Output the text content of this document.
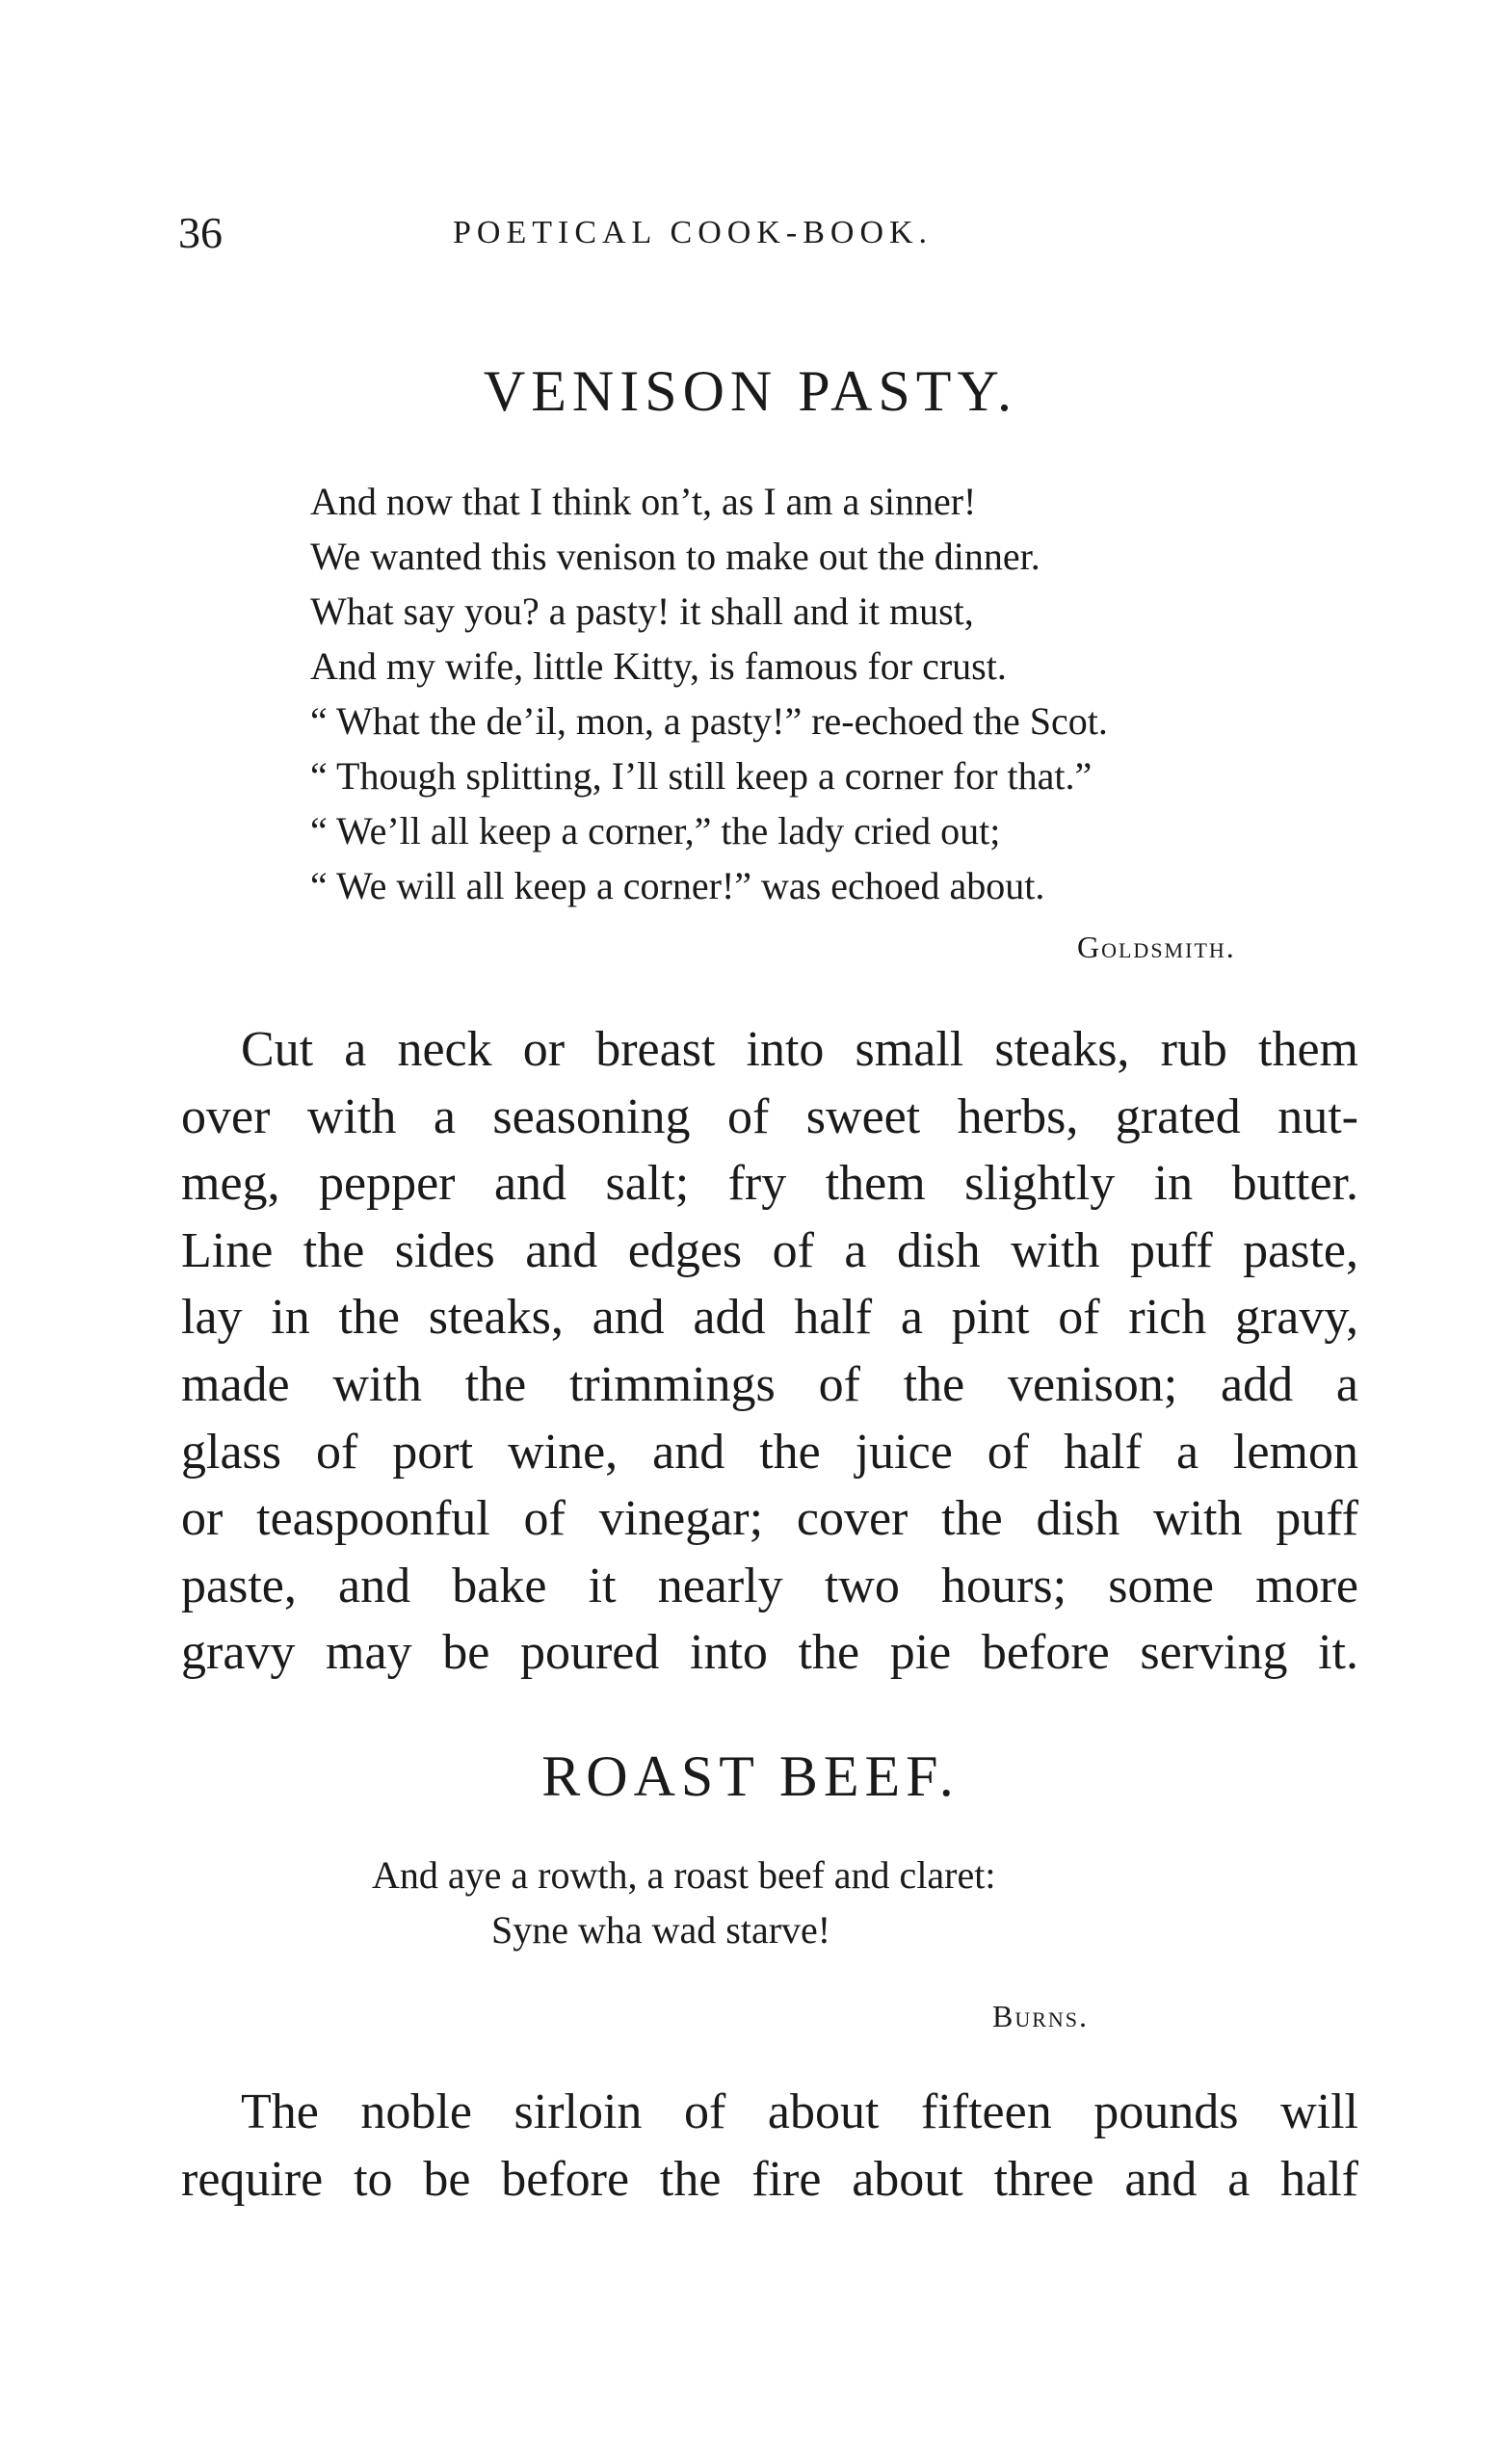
36	POETICAL COOK-BOOK.
VENISON PASTY.
And now that I think on’t, as I am a sinner!
We wanted this venison to make out the dinner.
What say you? a pasty! it shall and it must,
And my wife, little Kitty, is famous for crust.
“ What the de’il, mon, a pasty!” re-echoed the Scot.
“ Though splitting, I’ll still keep a corner for that.”
“ We’ll all keep a corner,” the lady cried out;
“ We will all keep a corner!” was echoed about.
Goldsmith.
Cut a neck or breast into small steaks, rub them
over with a seasoning of sweet herbs, grated nut-
meg, pepper and salt; fry them slightly in butter.
Line the sides and edges of a dish with puff paste,
lay in the steaks, and add half a pint of rich gravy,
made with the trimmings of the venison; add a
glass of port wine, and the juice of half a lemon
or teaspoonful of vinegar; cover the dish with puff
paste, and bake it nearly two hours; some more
gravy may be poured into the pie before serving it.
ROAST BEEF.
And aye a rowth, a roast beef and claret:
Syne wha wad starve!
Burns.
The noble sirloin of about fifteen pounds will
require to be before the fire about three and a half
